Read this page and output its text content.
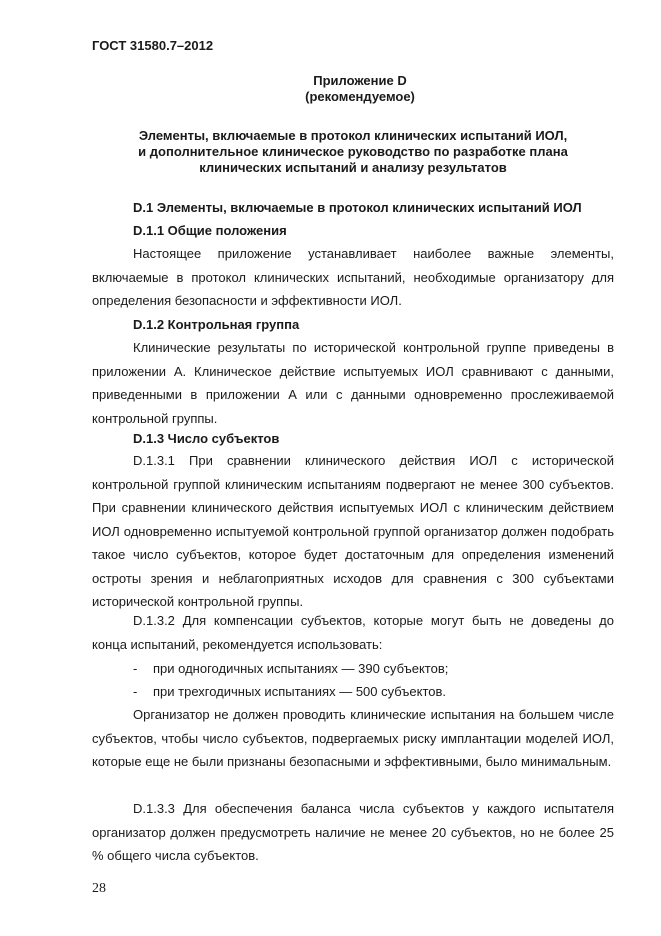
ГОСТ 31580.7–2012
Приложение D
(рекомендуемое)
Элементы, включаемые в протокол клинических испытаний ИОЛ,
и дополнительное клиническое руководство по разработке плана
клинических испытаний и анализу результатов
D.1 Элементы, включаемые в протокол клинических испытаний ИОЛ
D.1.1 Общие положения
Настоящее приложение устанавливает наиболее важные элементы, включаемые в протокол клинических испытаний, необходимые организатору для определения безопасности и эффективности ИОЛ.
D.1.2 Контрольная группа
Клинические результаты по исторической контрольной группе приведены в приложении А. Клиническое действие испытуемых ИОЛ сравнивают с данными, приведенными в приложении А или с данными одновременно прослеживаемой контрольной группы.
D.1.3 Число субъектов
D.1.3.1 При сравнении клинического действия ИОЛ с исторической контрольной группой клиническим испытаниям подвергают не менее 300 субъектов. При сравнении клинического действия испытуемых ИОЛ с клиническим действием ИОЛ одновременно испытуемой контрольной группой организатор должен подобрать такое число субъектов, которое будет достаточным для определения изменений остроты зрения и неблагоприятных исходов для сравнения с 300 субъектами исторической контрольной группы.
D.1.3.2 Для компенсации субъектов, которые могут быть не доведены до конца испытаний, рекомендуется использовать:
- при одногодичных испытаниях — 390 субъектов;
- при трехгодичных испытаниях — 500 субъектов.
Организатор не должен проводить клинические испытания на большем числе субъектов, чтобы число субъектов, подвергаемых риску имплантации моделей ИОЛ, которые еще не были признаны безопасными и эффективными, было минимальным.
D.1.3.3 Для обеспечения баланса числа субъектов у каждого испытателя организатор должен предусмотреть наличие не менее 20 субъектов, но не более 25 % общего числа субъектов.
28
